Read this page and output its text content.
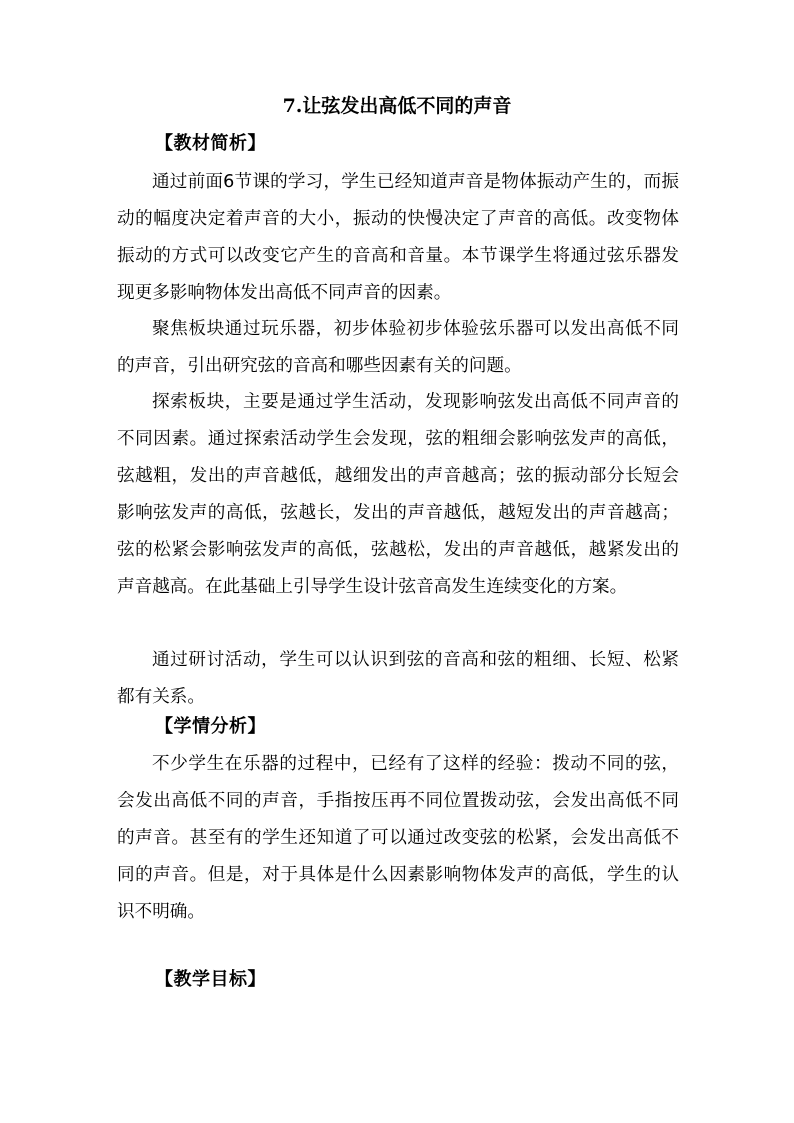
7.让弦发出高低不同的声音
【教材简析】
通过前面6节课的学习，学生已经知道声音是物体振动产生的，而振动的幅度决定着声音的大小，振动的快慢决定了声音的高低。改变物体振动的方式可以改变它产生的音高和音量。本节课学生将通过弦乐器发现更多影响物体发出高低不同声音的因素。
聚焦板块通过玩乐器，初步体验初步体验弦乐器可以发出高低不同的声音，引出研究弦的音高和哪些因素有关的问题。
探索板块，主要是通过学生活动，发现影响弦发出高低不同声音的不同因素。通过探索活动学生会发现，弦的粗细会影响弦发声的高低，弦越粗，发出的声音越低，越细发出的声音越高；弦的振动部分长短会影响弦发声的高低，弦越长，发出的声音越低，越短发出的声音越高；弦的松紧会影响弦发声的高低，弦越松，发出的声音越低，越紧发出的声音越高。在此基础上引导学生设计弦音高发生连续变化的方案。
通过研讨活动，学生可以认识到弦的音高和弦的粗细、长短、松紧都有关系。
【学情分析】
不少学生在乐器的过程中，已经有了这样的经验：拨动不同的弦，会发出高低不同的声音，手指按压再不同位置拨动弦，会发出高低不同的声音。甚至有的学生还知道了可以通过改变弦的松紧，会发出高低不同的声音。但是，对于具体是什么因素影响物体发声的高低，学生的认识不明确。
【教学目标】
